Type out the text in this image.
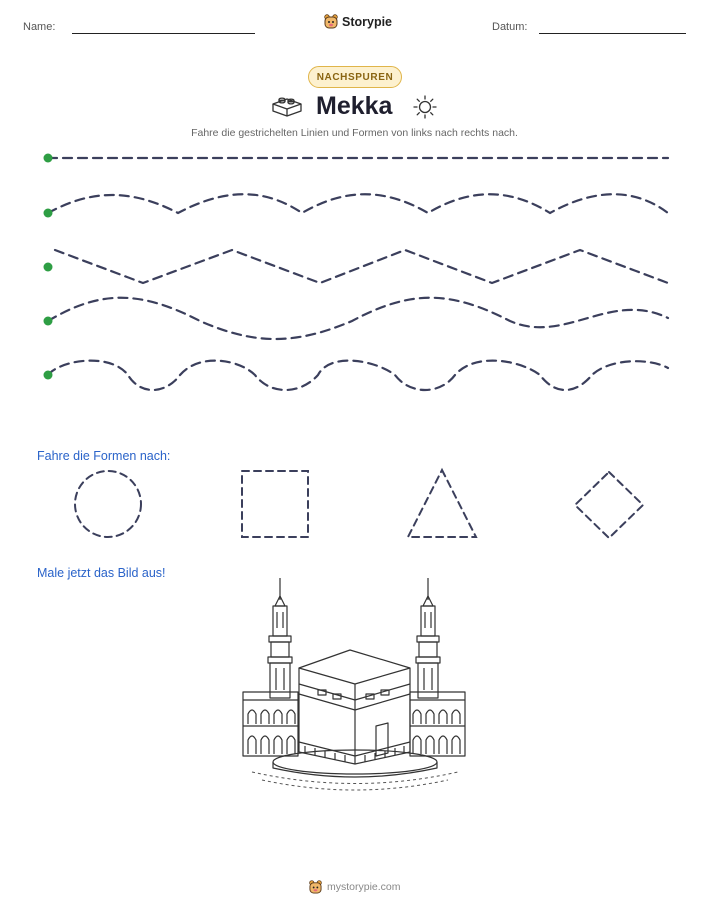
Name:	Storypie	Datum:
NACHSPUREN
Mekka
Fahre die gestrichelten Linien und Formen von links nach rechts nach.
Fahre die Formen nach:
Male jetzt das Bild aus!
mystorypie.com
